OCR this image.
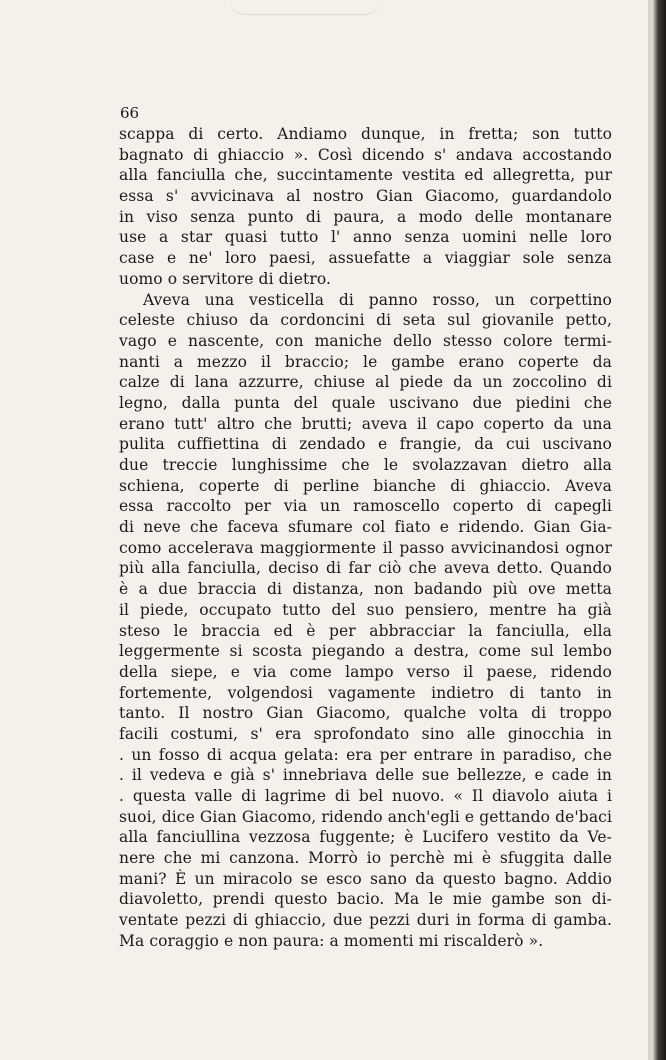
66
scappa di certo. Andiamo dunque, in fretta; son tutto
bagnato di ghiaccio ». Così dicendo s' andava accostando
alla fanciulla che, succintamente vestita ed allegretta, pur
essa s' avvicinava al nostro Gian Giacomo, guardandolo
in viso senza punto di paura, a modo delle montanare
use a star quasi tutto l' anno senza uomini nelle loro
case e ne' loro paesi, assuefatte a viaggiar sole senza
uomo o servitore di dietro.
Aveva una vesticella di panno rosso, un corpettino
celeste chiuso da cordoncini di seta sul giovanile petto,
vago e nascente, con maniche dello stesso colore termi-
nanti a mezzo il braccio; le gambe erano coperte da
calze di lana azzurre, chiuse al piede da un zoccolino di
legno, dalla punta del quale uscivano due piedini che
erano tutt' altro che brutti; aveva il capo coperto da una
pulita cuffiettina di zendado e frangie, da cui uscivano
due treccie lunghissime che le svolazzavan dietro alla
schiena, coperte di perline bianche di ghiaccio. Aveva
essa raccolto per via un ramoscello coperto di capegli
di neve che faceva sfumare col fiato e ridendo. Gian Gia-
como accelerava maggiormente il passo avvicinandosi ognor
più alla fanciulla, deciso di far ciò che aveva detto. Quando
è a due braccia di distanza, non badando più ove metta
il piede, occupato tutto del suo pensiero, mentre ha già
steso le braccia ed è per abbracciar la fanciulla, ella
leggermente si scosta piegando a destra, come sul lembo
della siepe, e via come lampo verso il paese, ridendo
fortemente, volgendosi vagamente indietro di tanto in
tanto. Il nostro Gian Giacomo, qualche volta di troppo
facili costumi, s' era sprofondato sino alle ginocchia in
. un fosso di acqua gelata: era per entrare in paradiso, che
. il vedeva e già s' innebriava delle sue bellezze, e cade in
. questa valle di lagrime di bel nuovo. « Il diavolo aiuta i
suoi, dice Gian Giacomo, ridendo anch'egli e gettando de'baci
alla fanciullina vezzosa fuggente; è Lucifero vestito da Ve-
nere che mi canzona. Morrò io perchè mi è sfuggita dalle
mani? È un miracolo se esco sano da questo bagno. Addio
diavoletto, prendi questo bacio. Ma le mie gambe son di-
ventate pezzi di ghiaccio, due pezzi duri in forma di gamba.
Ma coraggio e non paura: a momenti mi riscalderò ».
